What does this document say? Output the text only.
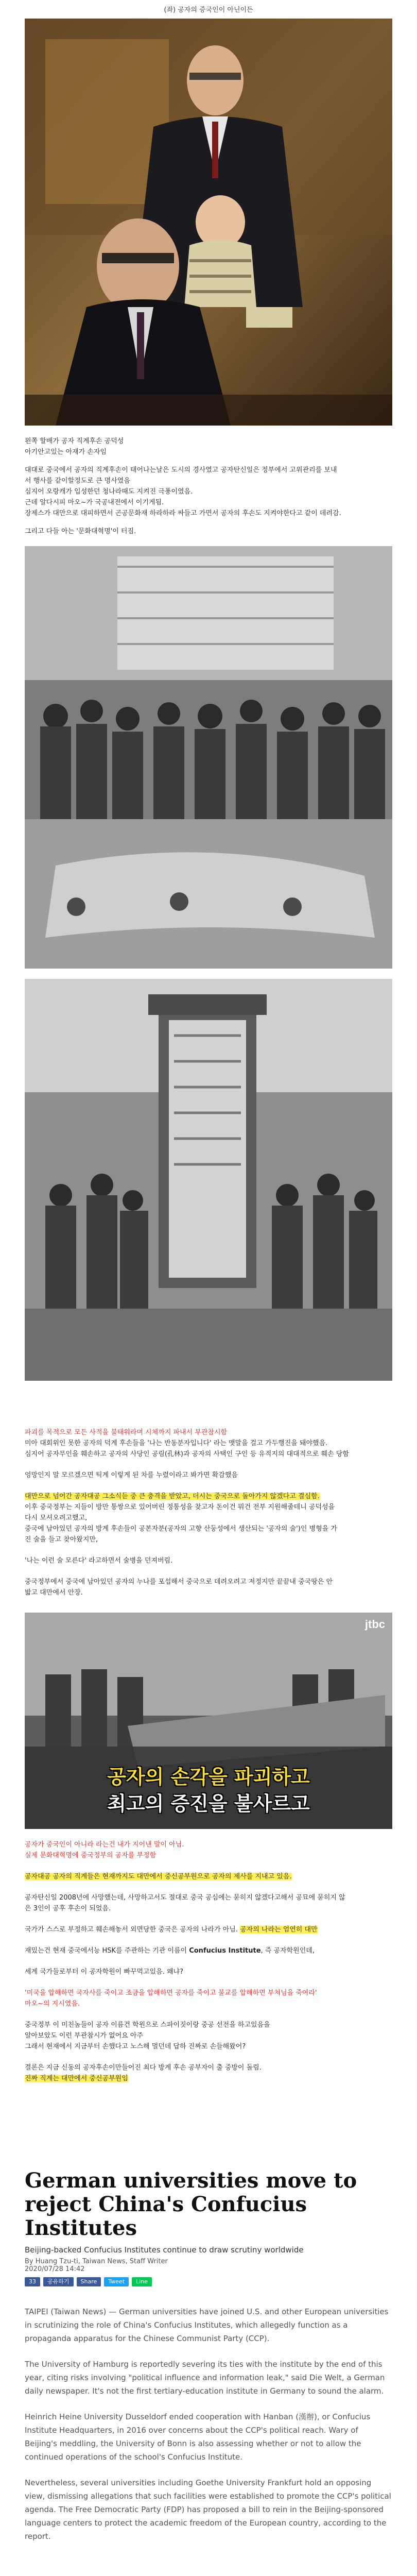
(좌) 공자의 증국인이 아닌이든

왼쪽 할배가 공자 직계후손 공덕성

아기안고있는 아재가 손자임

대대로 중국에서 공자의 직계후손이 태어나는날은 도시의 경사였고 공자탄신일은 정부에서 고위관리를 보내

서 행사를 같이할정도로 큰 명사였음

심지어 오랑캐가 입성한던 청나라때도 지켜진 극풍이였음.

근데 알다시피 마오~가 국공내전에서 이기게됨.

장제스가 대만으로 대피하면서 곤공문화재 하라하라 싸들고 가면서 공자의 후손도 지켜야한다고 같이 데려감.

그리고 다들 아는 '문화대혁명'이 터짐.

파괴를 목적으로 모든 사적을 불태워라며 시체까지 파내서 부관참시함

미아 대회위인 못한 공자의 덕계 후손들을 '나는 반동분자입니다' 라는 맷말을 걸고 가두행진을 돼야했음.

심지어 공자무인을 훼손하고 공자의 사당인 공림(孔林)과 공자의 사택인 구인 등 유적지의 대대적으로 훼손 당함

엉망인지 말 모르겠으면 틱계 이렇게 된 차를 누렸이라고 봐가면 확감했음

대만으로 넘어간 공자대공 그소식듣 중 큰 충격을 받았고, 더시는 중국으로 돌아가지 않겠다고 결심함.

이후 중국정부는 지들이 방만 통쌍으로 있어버린 정통성을 찾고자 돈이건 뭐건 전부 지원해줄테니 공덕성을

다시 모셔오려고했고,

중국에 남아있던 공자의 방계 후손들이 공본자분(공자의 고향 산둥성에서 생산되는 '공자의 술')인 병형을 가

진 술을 들고 찾아왔지만,

'나는 이런 술 모른다' 라고하면서 술병을 던져버림.

중국정부에서 중국에 남아있던 공자의 누나를 포섭해서 중국으로 데려오려고 저정지만 끝끝내 중국땅은 안

밟고 대만에서 안장.

jtbc
공자의 손각을 파괴하고
최고의 증진을 불사르고

공자가 중국인이 아니라 라는건 내가 지어낸 말이 아님.

실제 문화대혁명에 중국정부의 공자를 부정함

공자대공 공자의 직계들은 현재까지도 대만에서 중신공부원으로 공자의 제사를 지내고 있음.

공자탄신일 2008년에 사망했는데, 사망하고서도 절대로 중국 공심에는 묻히지 않겠다고해서 공묘에 묻히지 않

은 3인이 공후 후손이 되었음.

국가가 스스로 부정하고 훼손해놓서 외면당한 중국은 공자의 나라가 아님. 공자의 나라는 엄연히 대만

재밌는건 현재 중국에서능 HSK를 주관하는 기관 이름이 Confucius Institute, 즉 공자학원인데,

세계 국가들로부터 이 공자학원이 빠꾸먹고있음. 왜냐?

'미국을 압해하면 국자사를 죽이고 조금을 압해하면 공자를 죽이고 불교를 압해하면 부처님을 죽여라'

마오~의 지시였음.

중국정부 이 미친놈들이 공자 이름건 학원으로 스파이짓이랑 중공 선전을 하고있음을

알아보았도 이런 부관참시가 없어요 아주

그래서 현재에서 지금부터 손했다고 노스해 멀던데 답하 진짜로 손들해왔어?

결론은 지금 신동의 공자후손이만들어진 최다 방계 후손 공부자이 출 중방이 돌림.

진짜 직계는 대만에서 중신공부원임

German universities move to reject China's Confucius Institutes
Beijing-backed Confucius Institutes continue to draw scrutiny worldwide
By Huang Tzu-ti, Taiwan News, Staff Writer
2020/07/28 14:42
33	공유하기	Share	Tweet	Line
TAIPEI (Taiwan News) — German universities have joined U.S. and other European universities in scrutinizing the role of China's Confucius Institutes, which allegedly function as a propaganda apparatus for the Chinese Communist Party (CCP).
The University of Hamburg is reportedly severing its ties with the institute by the end of this year, citing risks involving "political influence and information leak," said Die Welt, a German daily newspaper. It's not the first tertiary-education institute in Germany to sound the alarm.
Heinrich Heine University Dusseldorf ended cooperation with Hanban (漢辦), or Confucius Institute Headquarters, in 2016 over concerns about the CCP's political reach. Wary of Beijing's meddling, the University of Bonn is also assessing whether or not to allow the continued operations of the school's Confucius Institute.
Nevertheless, several universities including Goethe University Frankfurt hold an opposing view, dismissing allegations that such facilities were established to promote the CCP's political agenda. The Free Democratic Party (FDP) has proposed a bill to rein in the Beijing-sponsored language centers to protect the academic freedom of the European country, according to the report.
